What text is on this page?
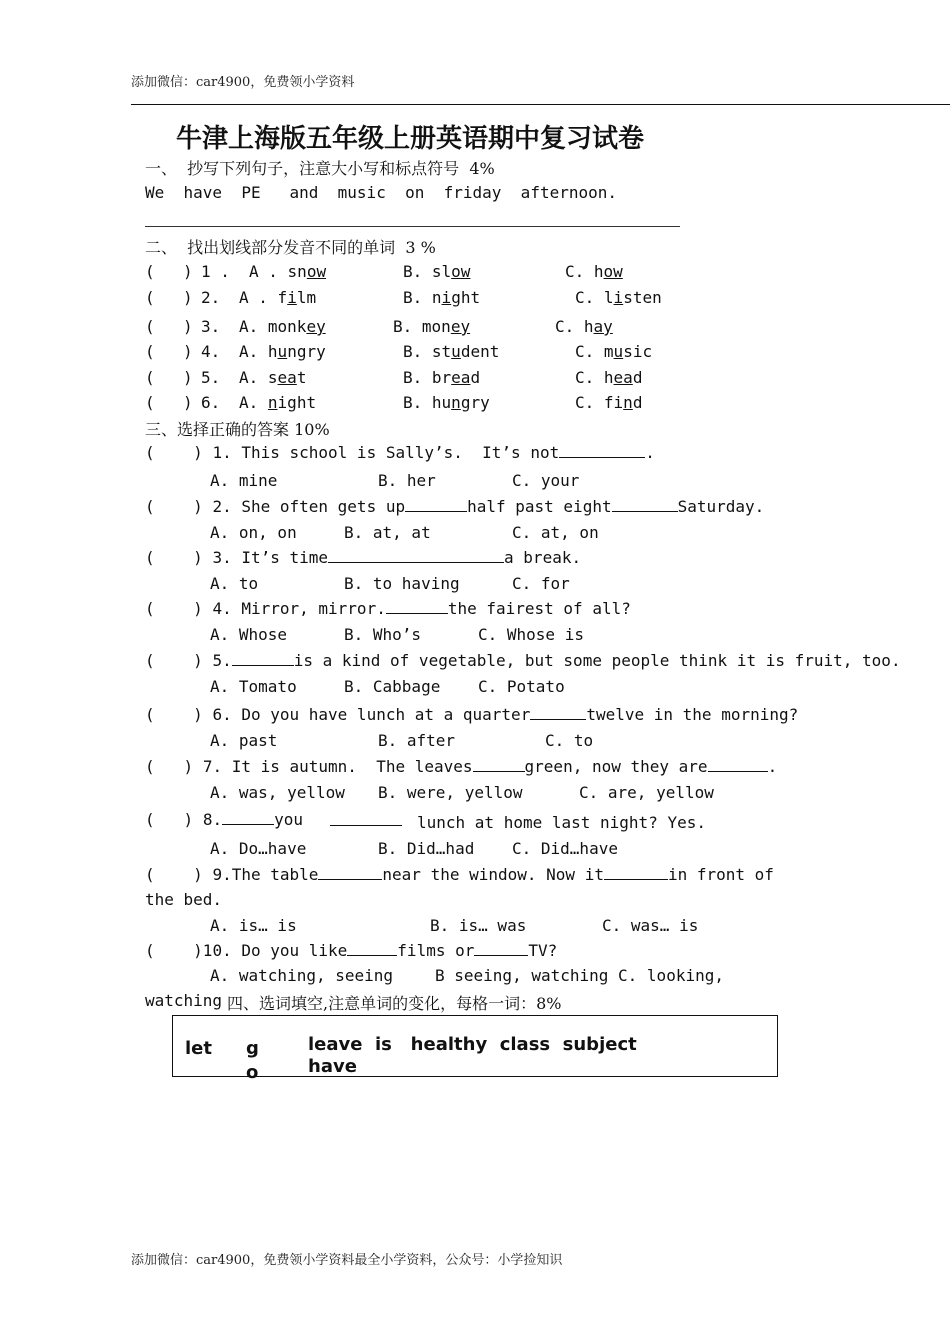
添加微信：car4900，免费领小学资料
牛津上海版五年级上册英语期中复习试卷
一、  抄写下列句子，注意大小写和标点符号  4%
We  have  PE   and  music  on  friday  afternoon.
二、  找出划线部分发音不同的单词  3 %
( ) 1 . A . snow	B. slow	C. how
( ) 2. A . film	B. night	C. listen
( ) 3. A. monkey	B. money	C. hay
( ) 4. A. hungry	B. student	C. music
( ) 5. A. seat	B. bread	C. head
( ) 6. A. night	B. hungry	C. find
三、选择正确的答案 10%
( ) 1. This school is Sally’s.  It’s not	.
A. mine	B. her	C. your
( ) 2. She often gets up	half past eight	Saturday.
A. on, on	B. at, at	C. at, on
( ) 3. It’s time	a break.
A. to	B. to having	C. for
( ) 4. Mirror, mirror.	the fairest of all?
A. Whose	B. Who’s	C. Whose is
( ) 5.	is a kind of vegetable, but some people think it is fruit, too.
A. Tomato	B. Cabbage C. Potato
( ) 6. Do you have lunch at a quarter	twelve in the morning?
A. past	B. after	C. to
( ) 7. It is autumn.  The leaves	green, now they are	.
A. was, yellow B. were, yellow	C. are, yellow
( ) 8.	you	lunch at home last night? Yes.
A. Do…have	B. Did…had C. Did…have
( ) 9.The table	near the window. Now it	in front of
the bed.
A. is… is	B. is… was	C. was… is
( )10. Do you like	films or	TV?
A. watching, seeing	B seeing, watching C. looking,
watching 四、选词填空,注意单词的变化，每格一词：8%
let g
o
leave  is   healthy  class  subject
have
添加微信：car4900，免费领小学资料最全小学资料，公众号：小学捡知识
